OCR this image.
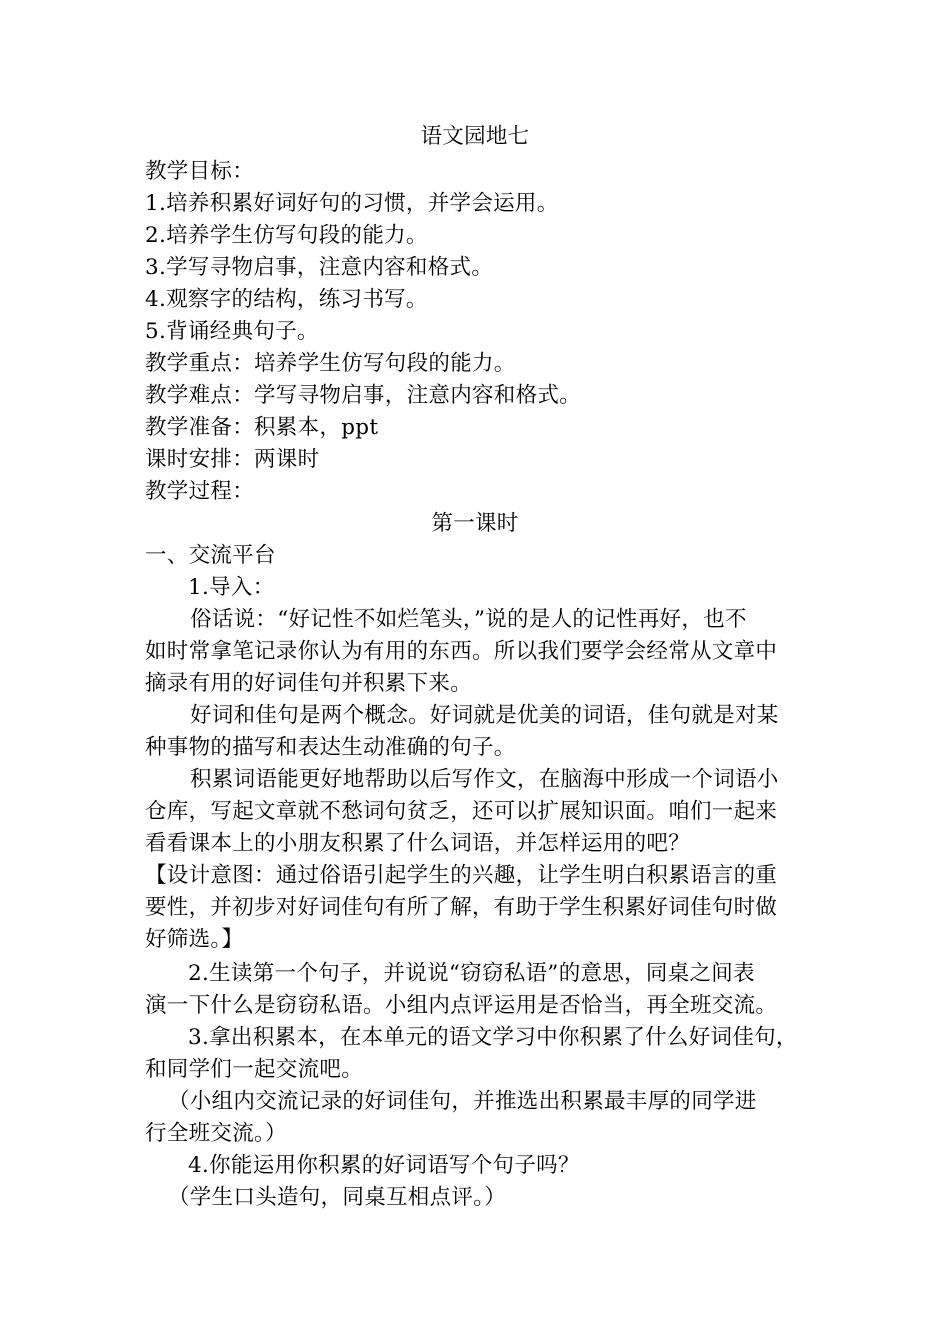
语文园地七
教学目标：
1.培养积累好词好句的习惯，并学会运用。
2.培养学生仿写句段的能力。
3.学写寻物启事，注意内容和格式。
4.观察字的结构，练习书写。
5.背诵经典句子。
教学重点：培养学生仿写句段的能力。
教学难点：学写寻物启事，注意内容和格式。
教学准备：积累本，ppt
课时安排：两课时
教学过程：
第一课时
一、交流平台
1.导入：
俗话说：“好记性不如烂笔头，”说的是人的记性再好，也不
如时常拿笔记录你认为有用的东西。所以我们要学会经常从文章中
摘录有用的好词佳句并积累下来。
好词和佳句是两个概念。好词就是优美的词语，佳句就是对某
种事物的描写和表达生动准确的句子。
积累词语能更好地帮助以后写作文，在脑海中形成一个词语小
仓库，写起文章就不愁词句贫乏，还可以扩展知识面。咱们一起来
看看课本上的小朋友积累了什么词语，并怎样运用的吧？
【设计意图：通过俗语引起学生的兴趣，让学生明白积累语言的重
要性，并初步对好词佳句有所了解，有助于学生积累好词佳句时做
好筛选。】
2.生读第一个句子，并说说“窃窃私语”的意思，同桌之间表
演一下什么是窃窃私语。小组内点评运用是否恰当，再全班交流。
3.拿出积累本，在本单元的语文学习中你积累了什么好词佳句，
和同学们一起交流吧。
（小组内交流记录的好词佳句，并推选出积累最丰厚的同学进
行全班交流。）
4.你能运用你积累的好词语写个句子吗？
（学生口头造句，同桌互相点评。）
